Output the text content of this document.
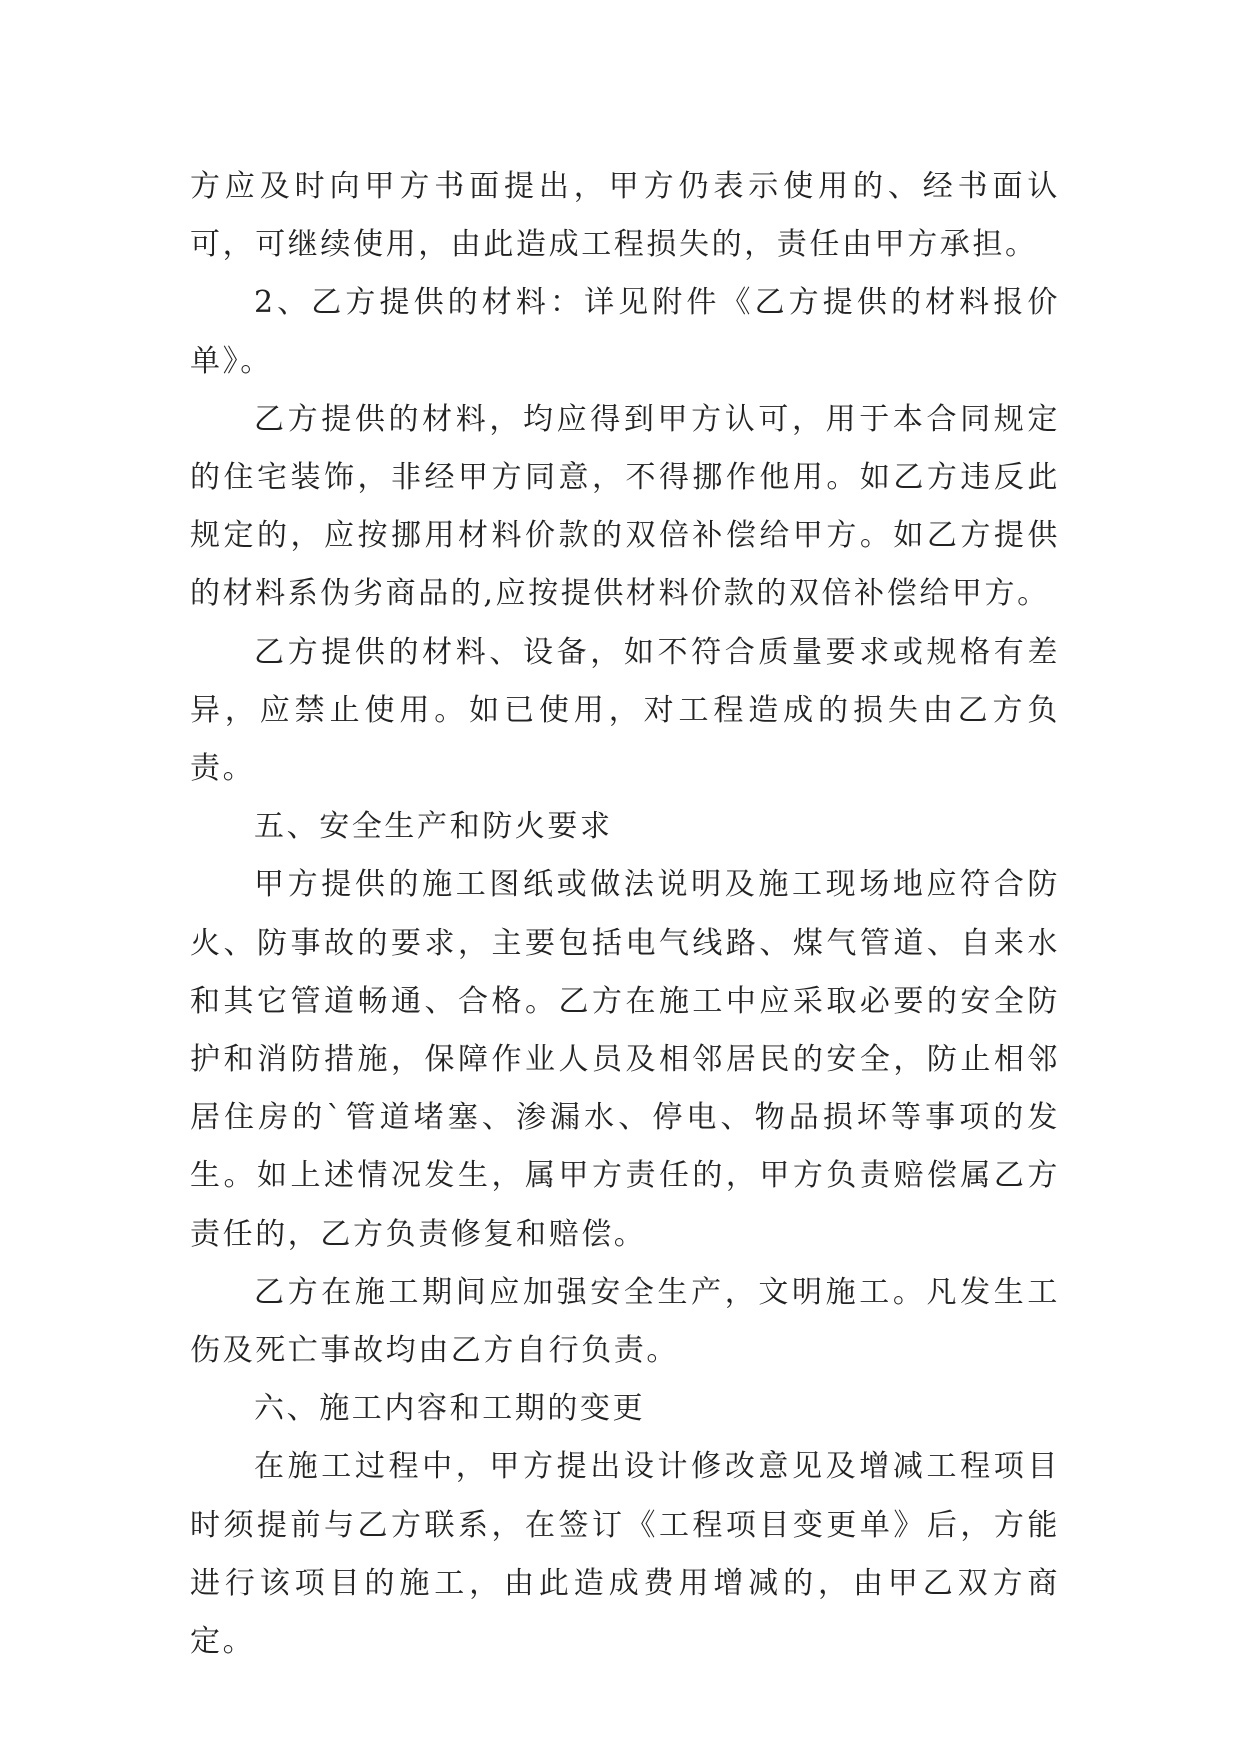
方应及时向甲方书面提出，甲方仍表示使用的、经书面认可，可继续使用，由此造成工程损失的，责任由甲方承担。

2、乙方提供的材料：详见附件《乙方提供的材料报价单》。

乙方提供的材料，均应得到甲方认可，用于本合同规定的住宅装饰，非经甲方同意，不得挪作他用。如乙方违反此规定的，应按挪用材料价款的双倍补偿给甲方。如乙方提供的材料系伪劣商品的,应按提供材料价款的双倍补偿给甲方。

乙方提供的材料、设备，如不符合质量要求或规格有差异，应禁止使用。如已使用，对工程造成的损失由乙方负责。

五、安全生产和防火要求

甲方提供的施工图纸或做法说明及施工现场地应符合防火、防事故的要求，主要包括电气线路、煤气管道、自来水和其它管道畅通、合格。乙方在施工中应采取必要的安全防护和消防措施，保障作业人员及相邻居民的安全，防止相邻居住房的`管道堵塞、渗漏水、停电、物品损坏等事项的发生。如上述情况发生，属甲方责任的，甲方负责赔偿属乙方责任的，乙方负责修复和赔偿。

乙方在施工期间应加强安全生产，文明施工。凡发生工伤及死亡事故均由乙方自行负责。

六、施工内容和工期的变更

在施工过程中，甲方提出设计修改意见及增减工程项目时须提前与乙方联系，在签订《工程项目变更单》后，方能进行该项目的施工，由此造成费用增减的，由甲乙双方商定。
